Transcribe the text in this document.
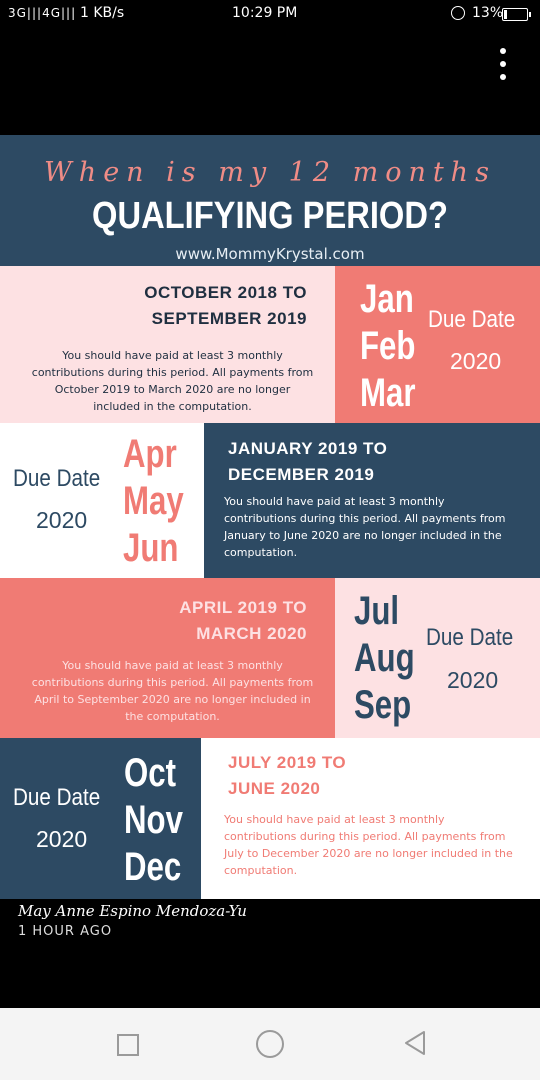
3G|||4G||| 1 KB/s	10:29 PM	13%
When is my 12 months
QUALIFYING PERIOD?
www.MommyKrystal.com
OCTOBER 2018 TO
SEPTEMBER 2019
You should have paid at least 3 monthly contributions during this period. All payments from October 2019 to March 2020 are no longer included in the computation.
Jan
Feb
Mar
Due Date
2020
Due Date
2020
Apr
May
Jun
JANUARY 2019 TO
DECEMBER 2019
You should have paid at least 3 monthly contributions during this period. All payments from January to June 2020 are no longer included in the computation.
APRIL 2019 TO
MARCH 2020
You should have paid at least 3 monthly contributions during this period. All payments from April to September 2020 are no longer included in the computation.
Jul
Aug
Sep
Due Date
2020
Due Date
2020
Oct
Nov
Dec
JULY 2019 TO
JUNE 2020
You should have paid at least 3 monthly contributions during this period. All payments from July to December 2020 are no longer included in the computation.
May Anne Espino Mendoza-Yu
1 HOUR AGO
